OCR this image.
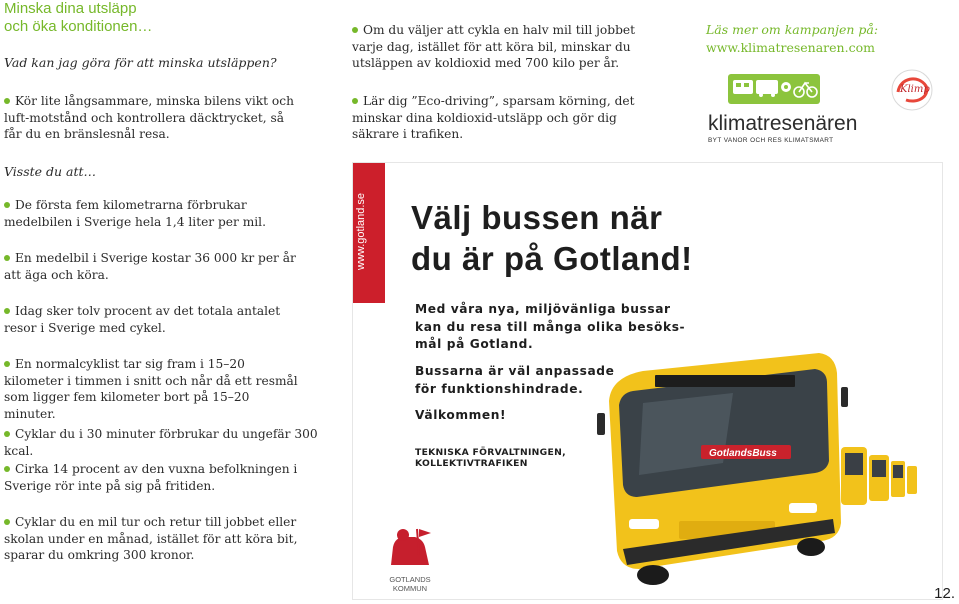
Minska dina utsläpp
och öka konditionen…
Vad kan jag göra för att minska utsläppen?
Kör lite långsammare, minska bilens vikt och luft-motstånd och kontrollera däcktrycket, så får du en bränslesnål resa.
Visste du att…
De första fem kilometrarna förbrukar medelbilen i Sverige hela 1,4 liter per mil.
En medelbil i Sverige kostar 36 000 kr per år att äga och köra.
Idag sker tolv procent av det totala antalet resor i Sverige med cykel.
En normalcyklist tar sig fram i 15–20 kilometer i timmen i snitt och når då ett resmål som ligger fem kilometer bort på 15–20 minuter.
Cyklar du i 30 minuter förbrukar du ungefär 300 kcal.
Cirka 14 procent av den vuxna befolkningen i Sverige rör inte på sig på fritiden.
Cyklar du en mil tur och retur till jobbet eller skolan under en månad, istället för att köra bit, sparar du omkring 300 kronor.
Om du väljer att cykla en halv mil till jobbet varje dag, istället för att köra bil, minskar du utsläppen av koldioxid med 700 kilo per år.
Lär dig ”Eco-driving”, sparsam körning, det minskar dina koldioxid-utsläpp och gör dig säkrare i trafiken.
Läs mer om kampanjen på:
www.klimatresenaren.com
klimatresenären
BYT VANOR OCH RES KLIMATSMART
Klimp
www.gotland.se	Välj bussen när
du är på Gotland!
Med våra nya, miljövänliga bussar
kan du resa till många olika besöks-
mål på Gotland.
Bussarna är väl anpassade
för funktionshindrade.
Välkommen!
TEKNISKA FÖRVALTNINGEN,
KOLLEKTIVTRAFIKEN
GotlandsBuss
GOTLANDS
KOMMUN	12.
